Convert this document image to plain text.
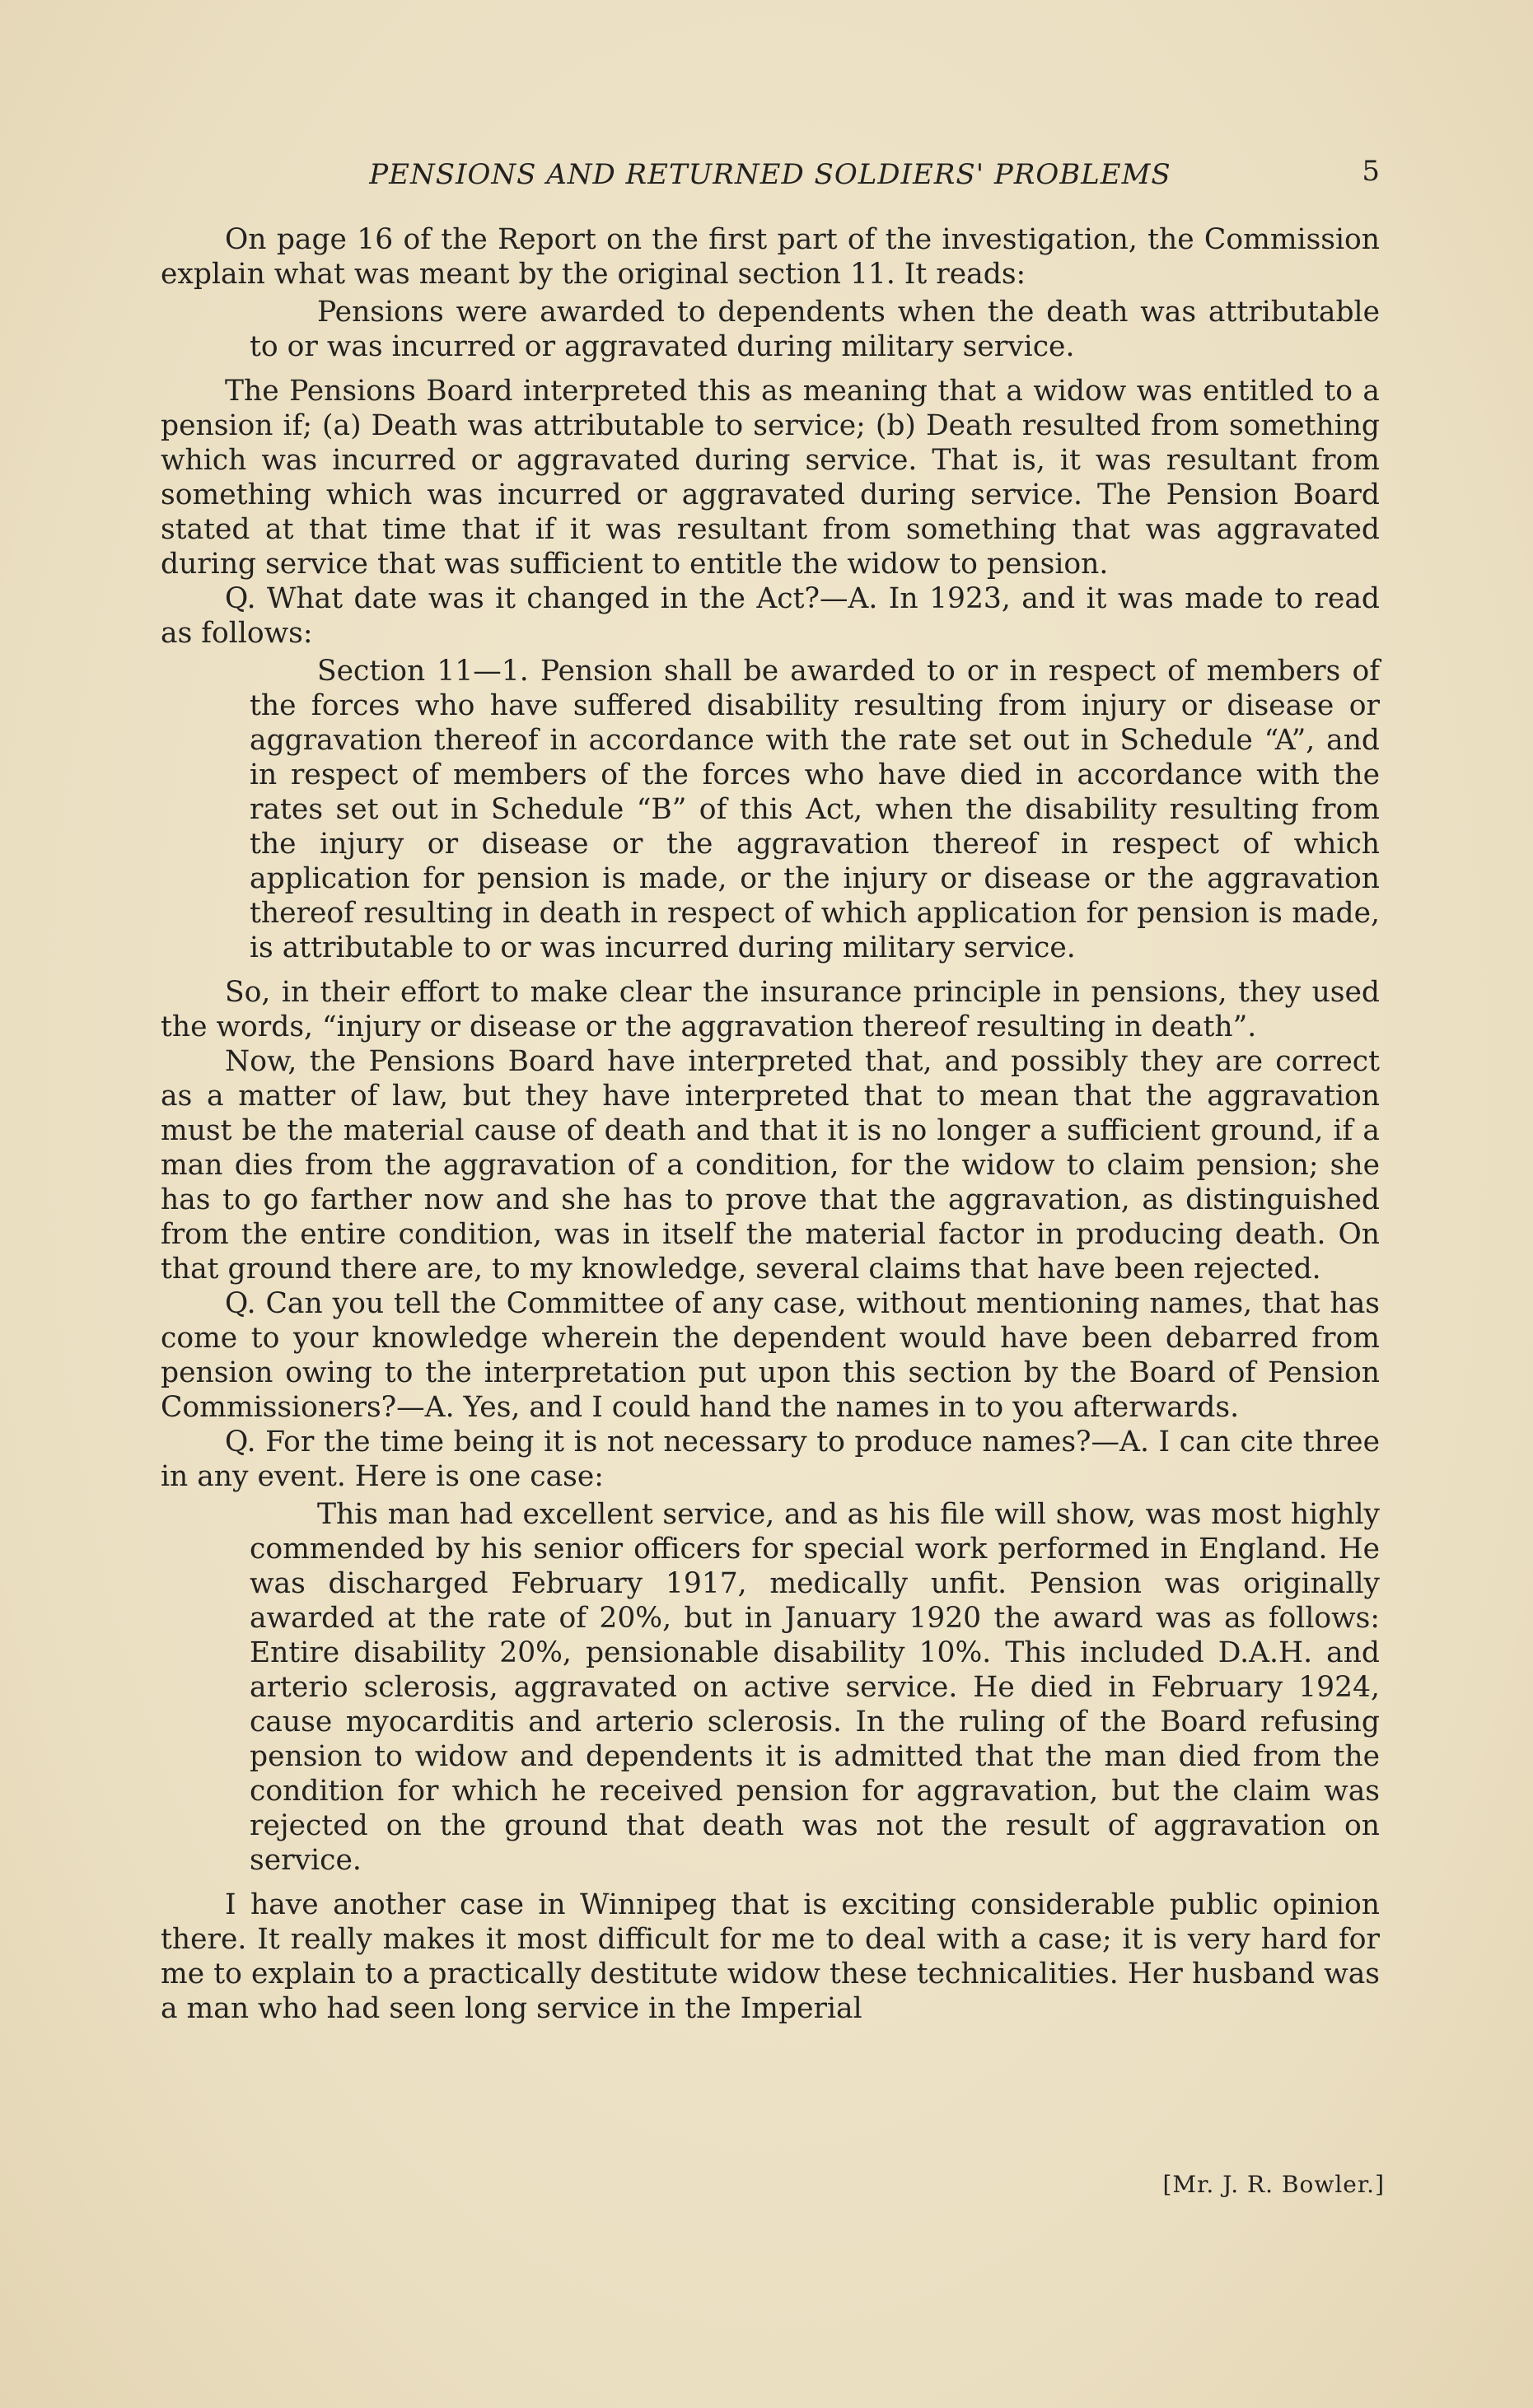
PENSIONS AND RETURNED SOLDIERS' PROBLEMS	5

On page 16 of the Report on the first part of the investigation, the Commission explain what was meant by the original section 11. It reads:

Pensions were awarded to dependents when the death was attributable to or was incurred or aggravated during military service.

The Pensions Board interpreted this as meaning that a widow was entitled to a pension if; (a) Death was attributable to service; (b) Death resulted from something which was incurred or aggravated during service. That is, it was resultant from something which was incurred or aggravated during service. The Pension Board stated at that time that if it was resultant from something that was aggravated during service that was sufficient to entitle the widow to pension.

Q. What date was it changed in the Act?—A. In 1923, and it was made to read as follows:

Section 11—1. Pension shall be awarded to or in respect of members of the forces who have suffered disability resulting from injury or disease or aggravation thereof in accordance with the rate set out in Schedule “A”, and in respect of members of the forces who have died in accordance with the rates set out in Schedule “B” of this Act, when the disability resulting from the injury or disease or the aggravation thereof in respect of which application for pension is made, or the injury or disease or the aggravation thereof resulting in death in respect of which application for pension is made, is attributable to or was incurred during military service.

So, in their effort to make clear the insurance principle in pensions, they used the words, “injury or disease or the aggravation thereof resulting in death”.

Now, the Pensions Board have interpreted that, and possibly they are correct as a matter of law, but they have interpreted that to mean that the aggravation must be the material cause of death and that it is no longer a sufficient ground, if a man dies from the aggravation of a condition, for the widow to claim pension; she has to go farther now and she has to prove that the aggravation, as distinguished from the entire condition, was in itself the material factor in producing death. On that ground there are, to my knowledge, several claims that have been rejected.

Q. Can you tell the Committee of any case, without mentioning names, that has come to your knowledge wherein the dependent would have been debarred from pension owing to the interpretation put upon this section by the Board of Pension Commissioners?—A. Yes, and I could hand the names in to you afterwards.

Q. For the time being it is not necessary to produce names?—A. I can cite three in any event. Here is one case:

This man had excellent service, and as his file will show, was most highly commended by his senior officers for special work performed in England. He was discharged February 1917, medically unfit. Pension was originally awarded at the rate of 20%, but in January 1920 the award was as follows: Entire disability 20%, pensionable disability 10%. This included D.A.H. and arterio sclerosis, aggravated on active service. He died in February 1924, cause myocarditis and arterio sclerosis. In the ruling of the Board refusing pension to widow and dependents it is admitted that the man died from the condition for which he received pension for aggravation, but the claim was rejected on the ground that death was not the result of aggravation on service.

I have another case in Winnipeg that is exciting considerable public opinion there. It really makes it most difficult for me to deal with a case; it is very hard for me to explain to a practically destitute widow these technicalities. Her husband was a man who had seen long service in the Imperial

[Mr. J. R. Bowler.]
